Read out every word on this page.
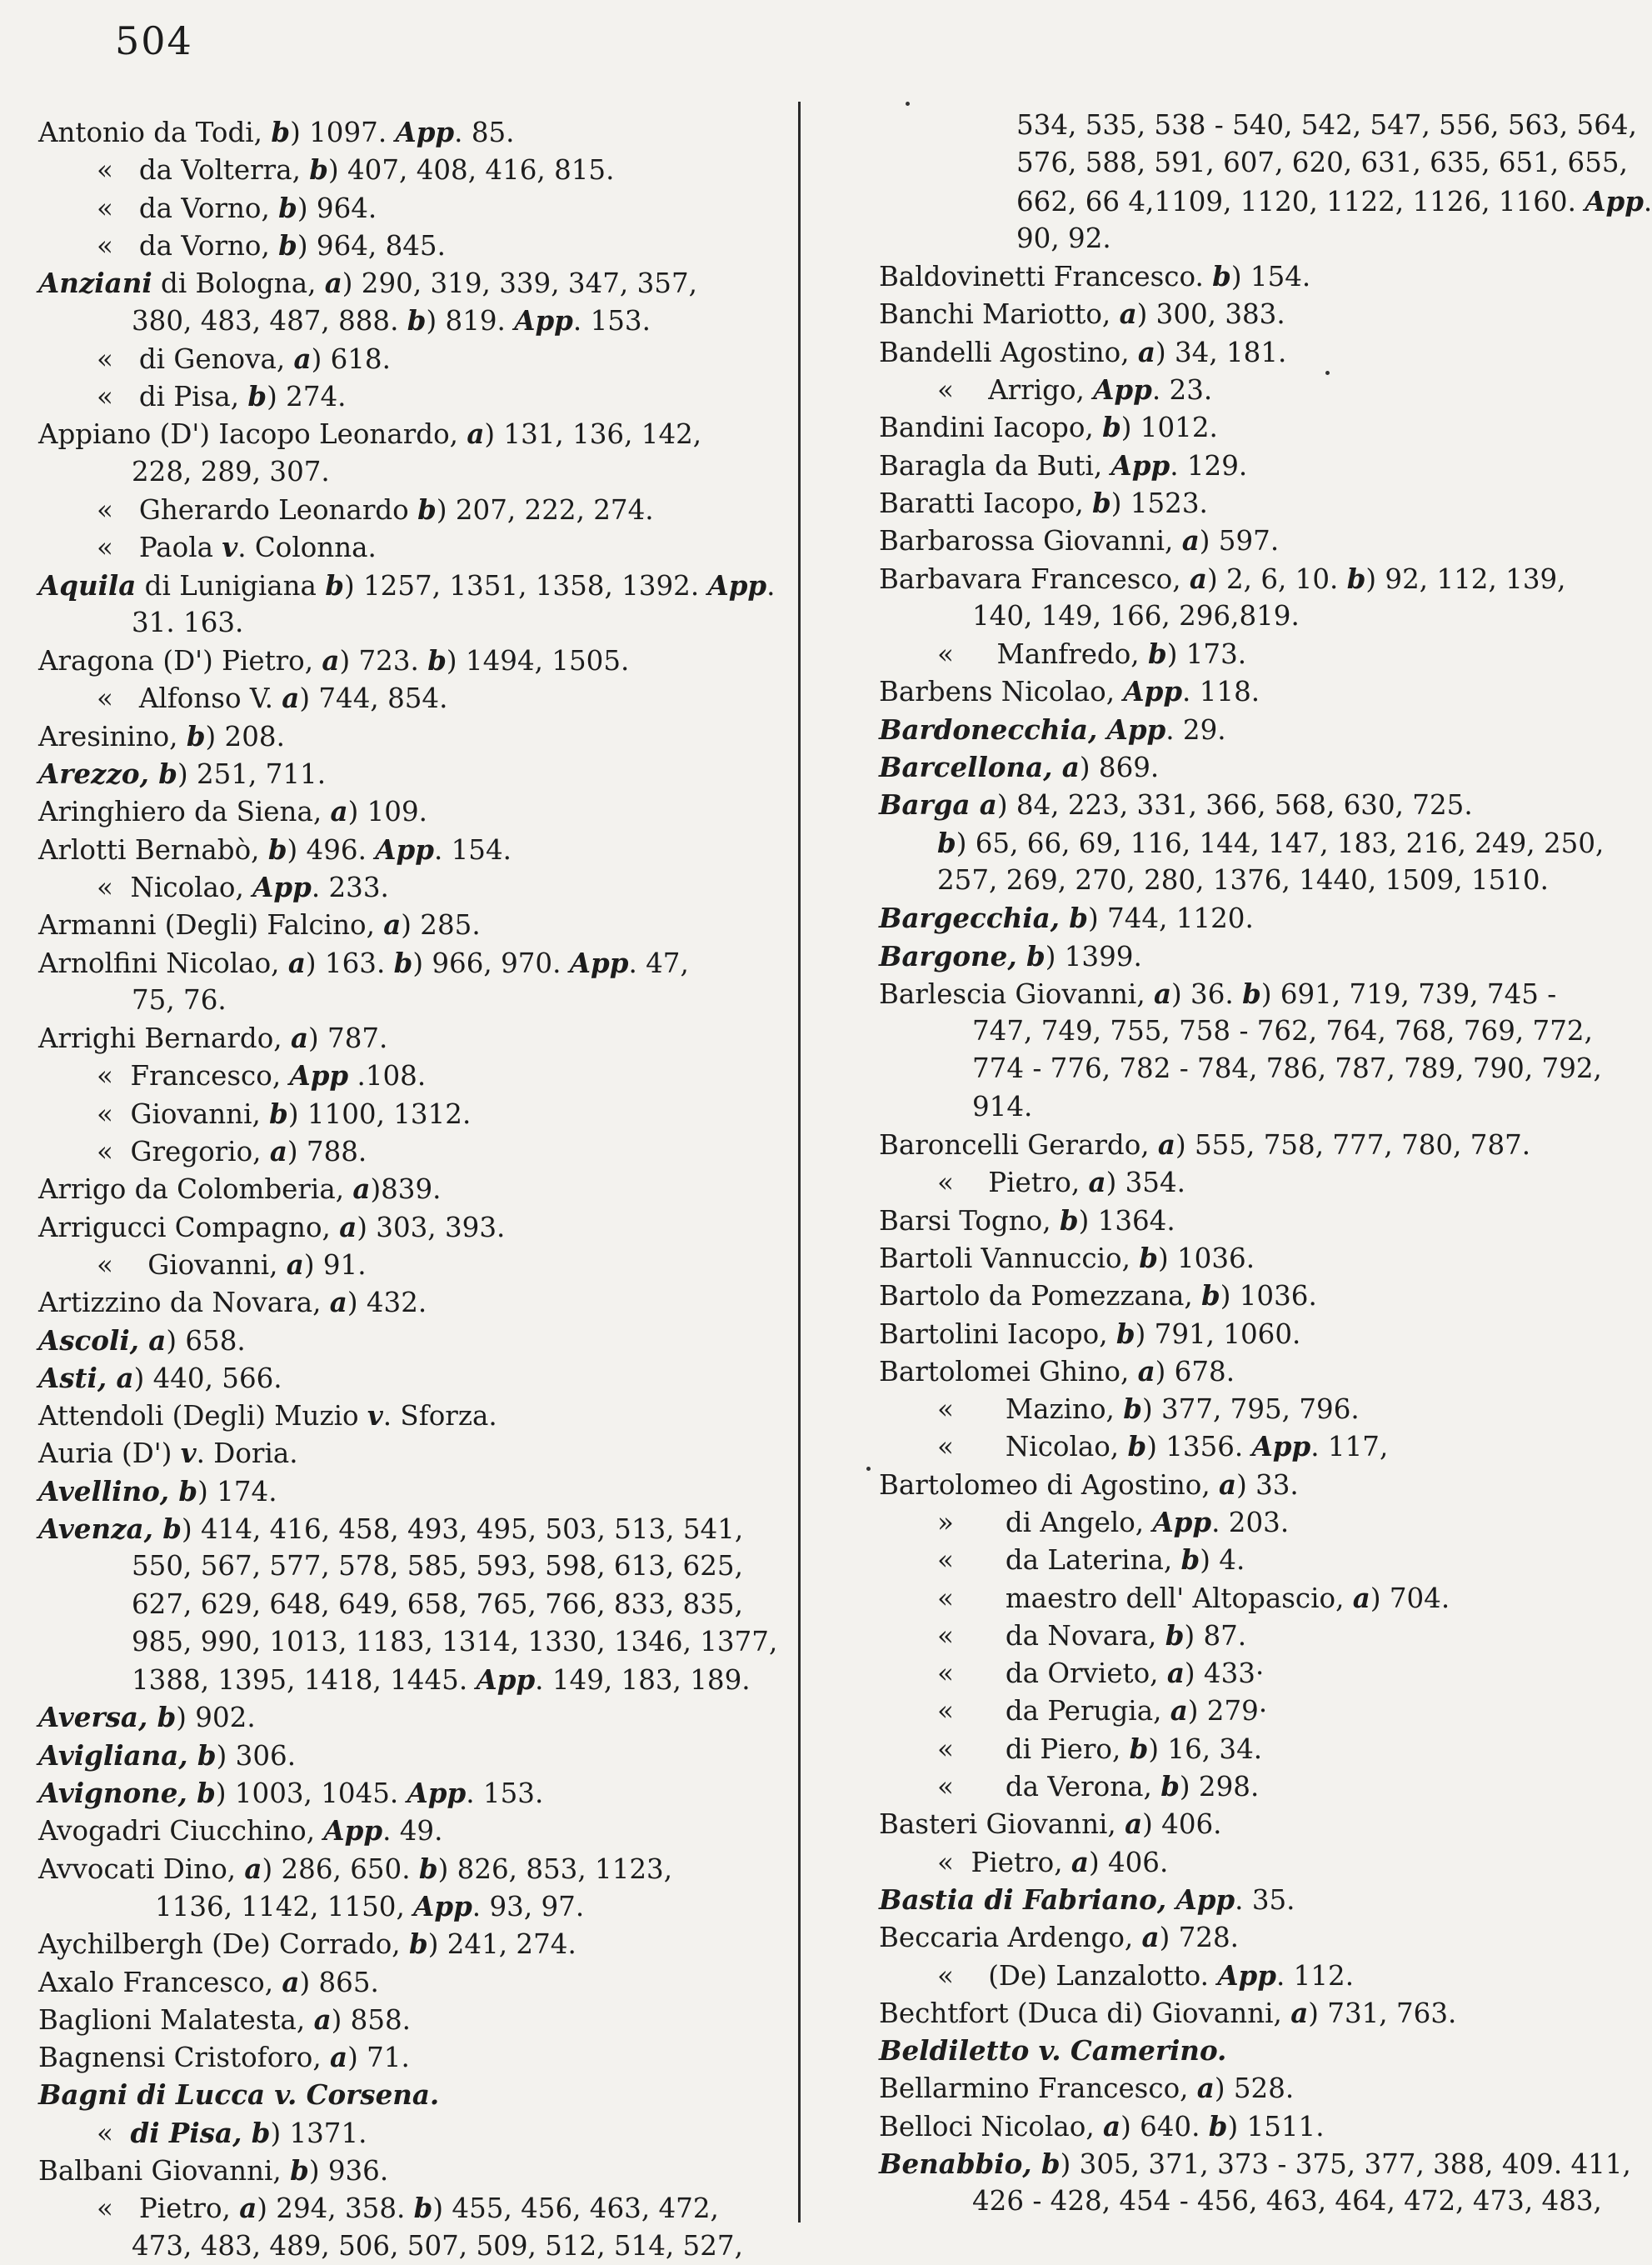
504
Antonio da Todi, b) 1097. App. 85.
«   da Volterra, b) 407, 408, 416, 815.
«   da Vorno, b) 964.
«   da Vorno, b) 964, 845.
Anziani di Bologna, a) 290, 319, 339, 347, 357,
380, 483, 487, 888. b) 819. App. 153.
«   di Genova, a) 618.
«   di Pisa, b) 274.
Appiano (D') Iacopo Leonardo, a) 131, 136, 142,
228, 289, 307.
«   Gherardo Leonardo b) 207, 222, 274.
«   Paola v. Colonna.
Aquila di Lunigiana b) 1257, 1351, 1358, 1392. App.
31. 163.
Aragona (D') Pietro, a) 723. b) 1494, 1505.
«   Alfonso V. a) 744, 854.
Aresinino, b) 208.
Arezzo, b) 251, 711.
Aringhiero da Siena, a) 109.
Arlotti Bernabò, b) 496. App. 154.
«  Nicolao, App. 233.
Armanni (Degli) Falcino, a) 285.
Arnolfini Nicolao, a) 163. b) 966, 970. App. 47,
75, 76.
Arrighi Bernardo, a) 787.
«  Francesco, App .108.
«  Giovanni, b) 1100, 1312.
«  Gregorio, a) 788.
Arrigo da Colomberia, a)839.
Arrigucci Compagno, a) 303, 393.
«    Giovanni, a) 91.
Artizzino da Novara, a) 432.
Ascoli, a) 658.
Asti, a) 440, 566.
Attendoli (Degli) Muzio v. Sforza.
Auria (D') v. Doria.
Avellino, b) 174.
Avenza, b) 414, 416, 458, 493, 495, 503, 513, 541,
550, 567, 577, 578, 585, 593, 598, 613, 625,
627, 629, 648, 649, 658, 765, 766, 833, 835,
985, 990, 1013, 1183, 1314, 1330, 1346, 1377,
1388, 1395, 1418, 1445. App. 149, 183, 189.
Aversa, b) 902.
Avigliana, b) 306.
Avignone, b) 1003, 1045. App. 153.
Avogadri Ciucchino, App. 49.
Avvocati Dino, a) 286, 650. b) 826, 853, 1123,
1136, 1142, 1150, App. 93, 97.
Aychilbergh (De) Corrado, b) 241, 274.
Axalo Francesco, a) 865.
Baglioni Malatesta, a) 858.
Bagnensi Cristoforo, a) 71.
Bagni di Lucca v. Corsena.
«  di Pisa, b) 1371.
Balbani Giovanni, b) 936.
«   Pietro, a) 294, 358. b) 455, 456, 463, 472,
473, 483, 489, 506, 507, 509, 512, 514, 527,
534, 535, 538 - 540, 542, 547, 556, 563, 564,
576, 588, 591, 607, 620, 631, 635, 651, 655,
662, 66 4,1109, 1120, 1122, 1126, 1160. App.
90, 92.
Baldovinetti Francesco. b) 154.
Banchi Mariotto, a) 300, 383.
Bandelli Agostino, a) 34, 181.
«    Arrigo, App. 23.
Bandini Iacopo, b) 1012.
Baragla da Buti, App. 129.
Baratti Iacopo, b) 1523.
Barbarossa Giovanni, a) 597.
Barbavara Francesco, a) 2, 6, 10. b) 92, 112, 139,
140, 149, 166, 296,819.
«     Manfredo, b) 173.
Barbens Nicolao, App. 118.
Bardonecchia, App. 29.
Barcellona, a) 869.
Barga a) 84, 223, 331, 366, 568, 630, 725.
b) 65, 66, 69, 116, 144, 147, 183, 216, 249, 250,
257, 269, 270, 280, 1376, 1440, 1509, 1510.
Bargecchia, b) 744, 1120.
Bargone, b) 1399.
Barlescia Giovanni, a) 36. b) 691, 719, 739, 745 -
747, 749, 755, 758 - 762, 764, 768, 769, 772,
774 - 776, 782 - 784, 786, 787, 789, 790, 792,
914.
Baroncelli Gerardo, a) 555, 758, 777, 780, 787.
«    Pietro, a) 354.
Barsi Togno, b) 1364.
Bartoli Vannuccio, b) 1036.
Bartolo da Pomezzana, b) 1036.
Bartolini Iacopo, b) 791, 1060.
Bartolomei Ghino, a) 678.
«      Mazino, b) 377, 795, 796.
«      Nicolao, b) 1356. App. 117,
Bartolomeo di Agostino, a) 33.
»      di Angelo, App. 203.
«      da Laterina, b) 4.
«      maestro dell' Altopascio, a) 704.
«      da Novara, b) 87.
«      da Orvieto, a) 433·
«      da Perugia, a) 279·
«      di Piero, b) 16, 34.
«      da Verona, b) 298.
Basteri Giovanni, a) 406.
«  Pietro, a) 406.
Bastia di Fabriano, App. 35.
Beccaria Ardengo, a) 728.
«    (De) Lanzalotto. App. 112.
Bechtfort (Duca di) Giovanni, a) 731, 763.
Beldiletto v. Camerino.
Bellarmino Francesco, a) 528.
Belloci Nicolao, a) 640. b) 1511.
Benabbio, b) 305, 371, 373 - 375, 377, 388, 409. 411,
426 - 428, 454 - 456, 463, 464, 472, 473, 483,
